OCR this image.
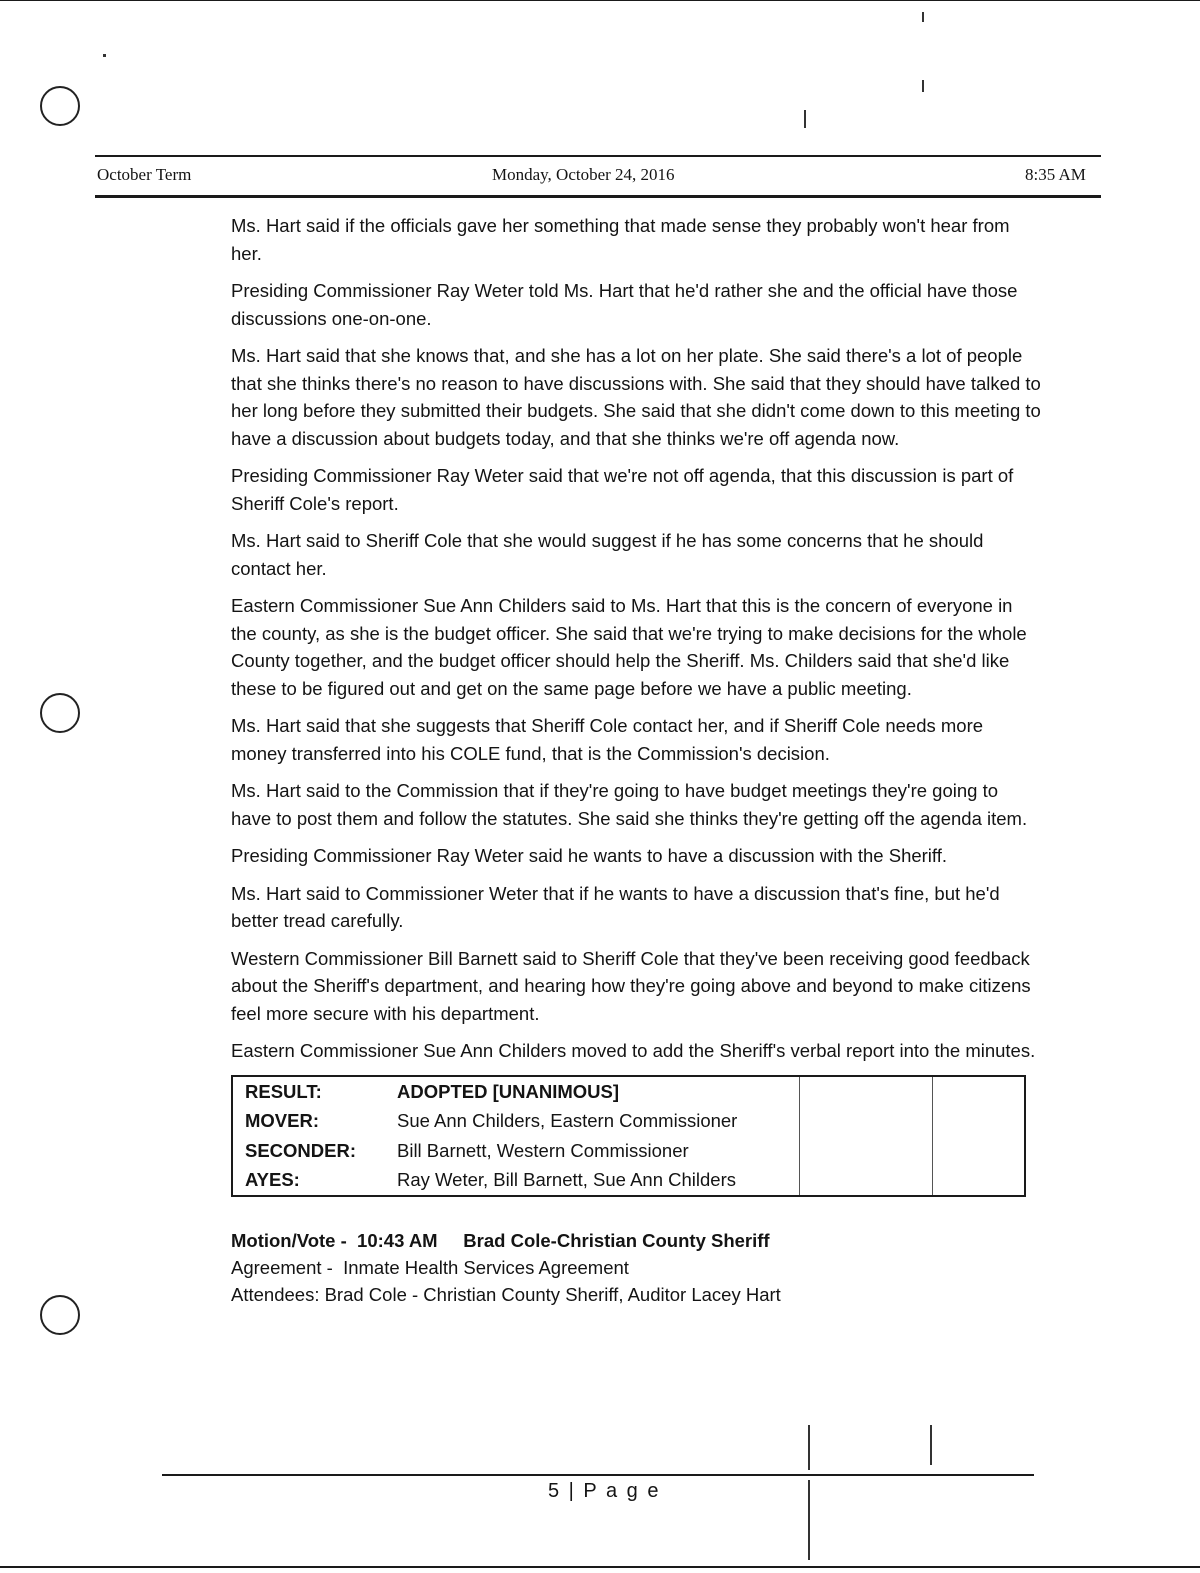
October Term	Monday, October 24, 2016	8:35 AM

Ms. Hart said if the officials gave her something that made sense they probably won't hear from her.

Presiding Commissioner Ray Weter told Ms. Hart that he'd rather she and the official have those discussions one-on-one.

Ms. Hart said that she knows that, and she has a lot on her plate. She said there's a lot of people that she thinks there's no reason to have discussions with. She said that they should have talked to her long before they submitted their budgets. She said that she didn't come down to this meeting to have a discussion about budgets today, and that she thinks we're off agenda now.

Presiding Commissioner Ray Weter said that we're not off agenda, that this discussion is part of Sheriff Cole's report.

Ms. Hart said to Sheriff Cole that she would suggest if he has some concerns that he should contact her.

Eastern Commissioner Sue Ann Childers said to Ms. Hart that this is the concern of everyone in the county, as she is the budget officer. She said that we're trying to make decisions for the whole County together, and the budget officer should help the Sheriff. Ms. Childers said that she'd like these to be figured out and get on the same page before we have a public meeting.

Ms. Hart said that she suggests that Sheriff Cole contact her, and if Sheriff Cole needs more money transferred into his COLE fund, that is the Commission's decision.

Ms. Hart said to the Commission that if they're going to have budget meetings they're going to have to post them and follow the statutes. She said she thinks they're getting off the agenda item.

Presiding Commissioner Ray Weter said he wants to have a discussion with the Sheriff.

Ms. Hart said to Commissioner Weter that if he wants to have a discussion that's fine, but he'd better tread carefully.

Western Commissioner Bill Barnett said to Sheriff Cole that they've been receiving good feedback about the Sheriff's department, and hearing how they're going above and beyond to make citizens feel more secure with his department.

Eastern Commissioner Sue Ann Childers moved to add the Sheriff's verbal report into the minutes.

RESULT:	ADOPTED [UNANIMOUS]		
MOVER:	Sue Ann Childers, Eastern Commissioner		
SECONDER:	Bill Barnett, Western Commissioner		
AYES:	Ray Weter, Bill Barnett, Sue Ann Childers		
Motion/Vote -  10:43 AM     Brad Cole-Christian County Sheriff
Agreement -  Inmate Health Services Agreement
Attendees: Brad Cole - Christian County Sheriff, Auditor Lacey Hart
5 | P a g e
